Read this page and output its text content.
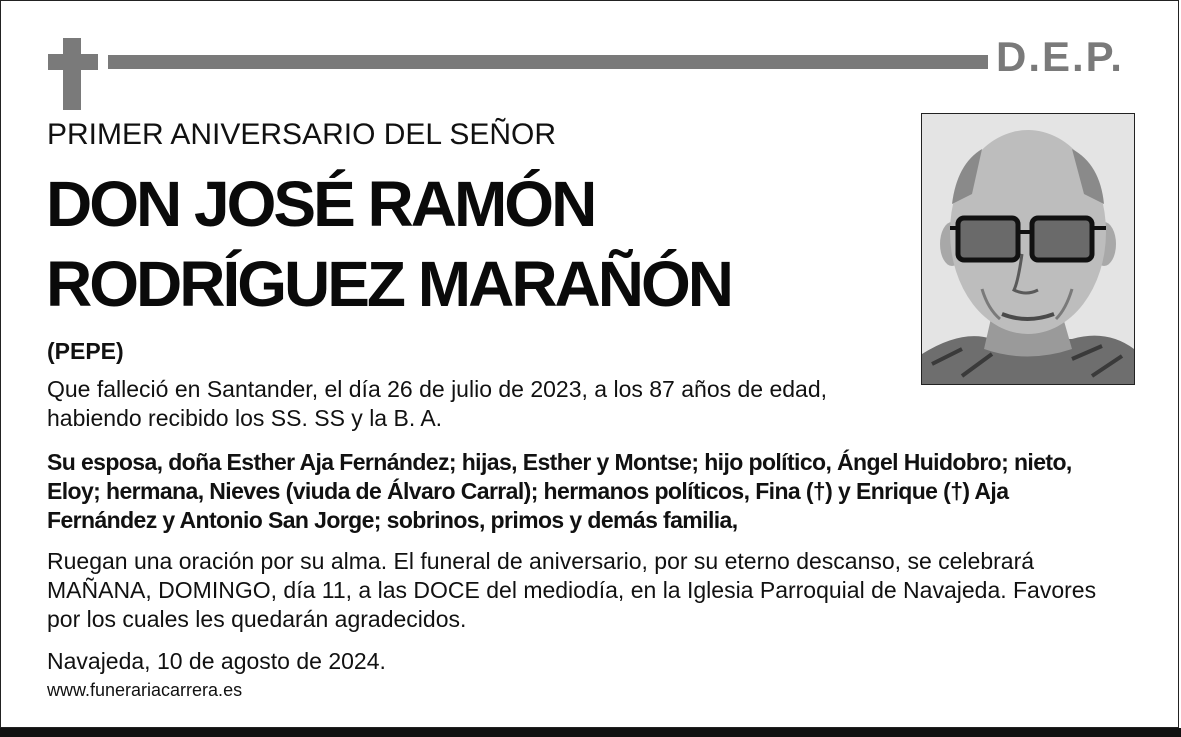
D.E.P.

PRIMER ANIVERSARIO DEL SEÑOR

DON JOSÉ RAMÓN
RODRÍGUEZ MARAÑÓN

(PEPE)

Que falleció en Santander, el día 26 de julio de 2023, a los 87 años de edad,
habiendo recibido los SS. SS y la B. A.

Su esposa, doña Esther Aja Fernández; hijas, Esther y Montse; hijo político, Ángel Huidobro; nieto,
Eloy; hermana, Nieves (viuda de Álvaro Carral); hermanos políticos, Fina (†) y Enrique (†) Aja
Fernández y Antonio San Jorge; sobrinos, primos y demás familia,

Ruegan una oración por su alma. El funeral de aniversario, por su eterno descanso, se celebrará
MAÑANA, DOMINGO, día 11, a las DOCE del mediodía, en la Iglesia Parroquial de Navajeda. Favores
por los cuales les quedarán agradecidos.

Navajeda, 10 de agosto de 2024.

www.funerariacarrera.es
